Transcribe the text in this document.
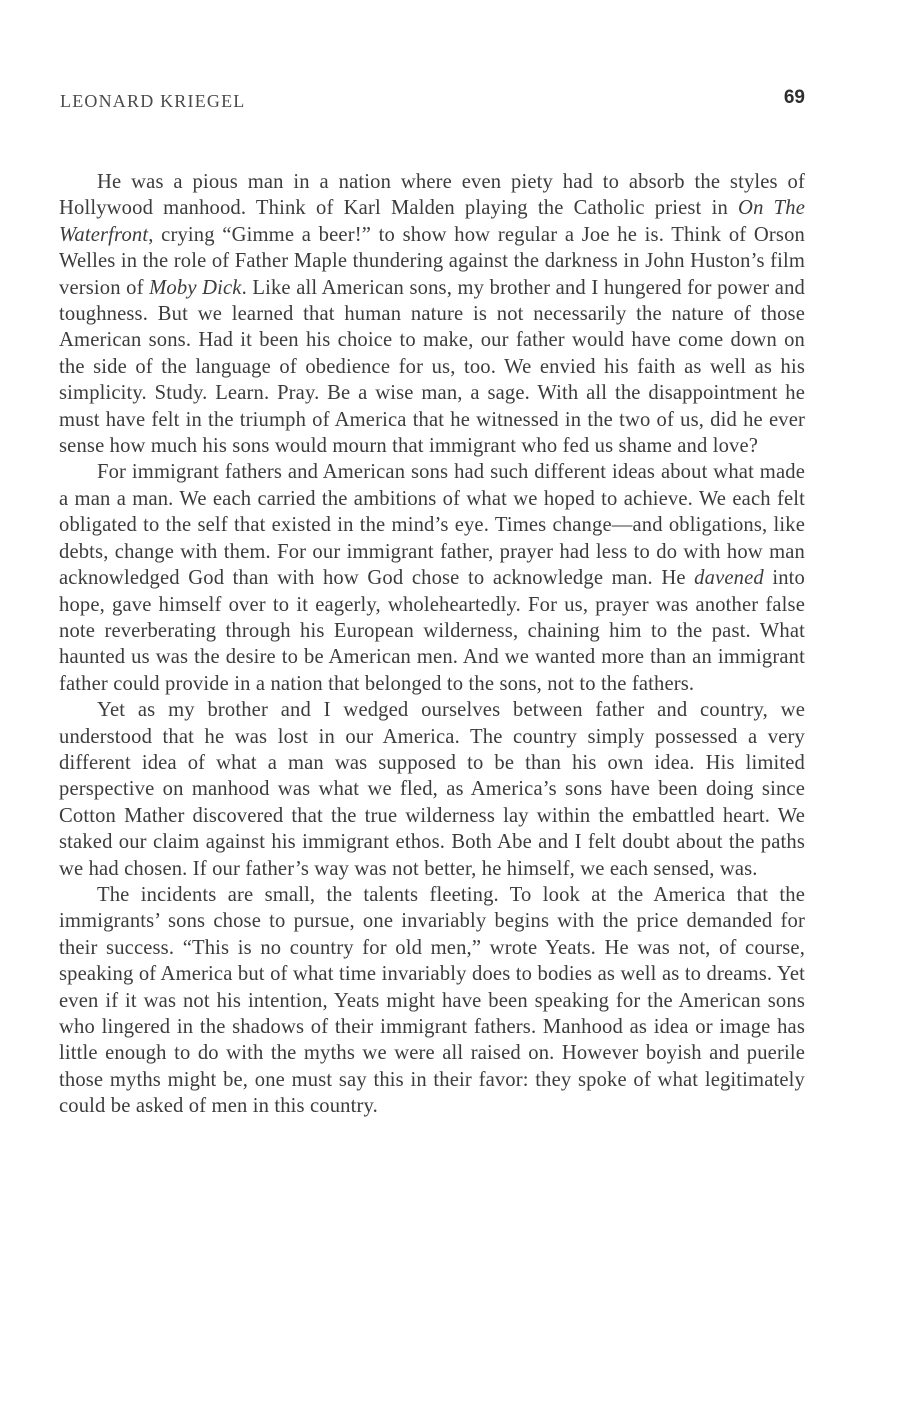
LEONARD KRIEGEL	69

He was a pious man in a nation where even piety had to absorb the styles of Hollywood manhood. Think of Karl Malden playing the Catholic priest in On The Waterfront, crying “Gimme a beer!” to show how regular a Joe he is. Think of Orson Welles in the role of Father Maple thundering against the darkness in John Huston’s film version of Moby Dick. Like all American sons, my brother and I hungered for power and toughness. But we learned that human nature is not necessarily the nature of those American sons. Had it been his choice to make, our father would have come down on the side of the language of obedience for us, too. We envied his faith as well as his simplicity. Study. Learn. Pray. Be a wise man, a sage. With all the disappointment he must have felt in the triumph of America that he witnessed in the two of us, did he ever sense how much his sons would mourn that immigrant who fed us shame and love?

For immigrant fathers and American sons had such different ideas about what made a man a man. We each carried the ambitions of what we hoped to achieve. We each felt obligated to the self that existed in the mind’s eye. Times change—and obligations, like debts, change with them. For our immigrant father, prayer had less to do with how man acknowledged God than with how God chose to acknowledge man. He davened into hope, gave himself over to it eagerly, wholeheartedly. For us, prayer was another false note reverberating through his European wilderness, chaining him to the past. What haunted us was the desire to be American men. And we wanted more than an immigrant father could provide in a nation that belonged to the sons, not to the fathers.

Yet as my brother and I wedged ourselves between father and country, we understood that he was lost in our America. The country simply possessed a very different idea of what a man was supposed to be than his own idea. His limited perspective on manhood was what we fled, as America’s sons have been doing since Cotton Mather discovered that the true wilderness lay within the embattled heart. We staked our claim against his immigrant ethos. Both Abe and I felt doubt about the paths we had chosen. If our father’s way was not better, he himself, we each sensed, was.

The incidents are small, the talents fleeting. To look at the America that the immigrants’ sons chose to pursue, one invariably begins with the price demanded for their success. “This is no country for old men,” wrote Yeats. He was not, of course, speaking of America but of what time invariably does to bodies as well as to dreams. Yet even if it was not his intention, Yeats might have been speaking for the American sons who lingered in the shadows of their immigrant fathers. Manhood as idea or image has little enough to do with the myths we were all raised on. However boyish and puerile those myths might be, one must say this in their favor: they spoke of what legitimately could be asked of men in this country.
